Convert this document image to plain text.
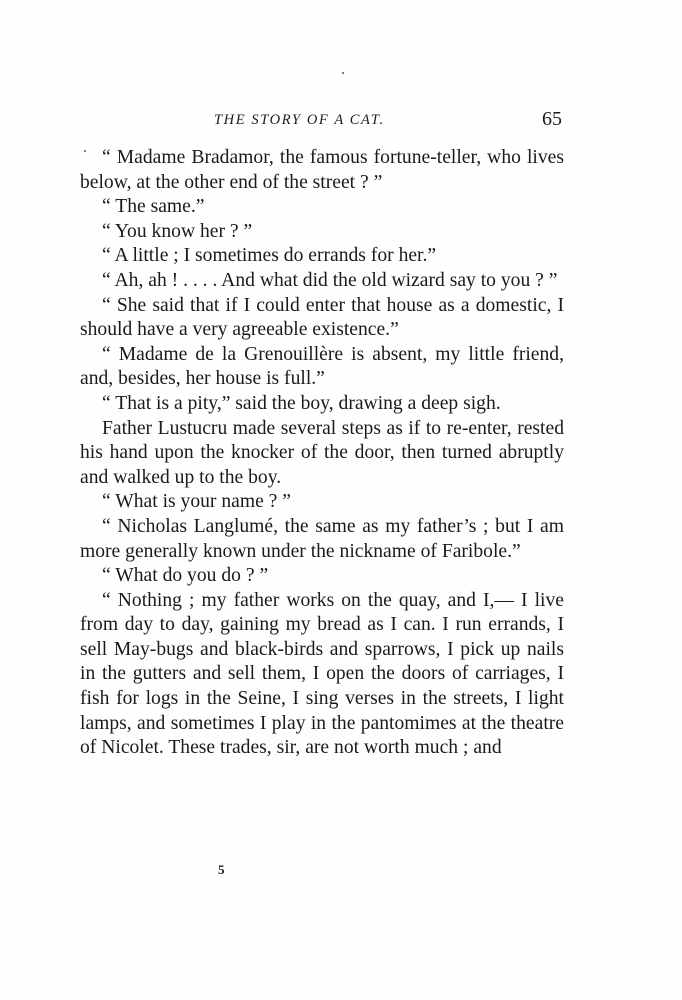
THE STORY OF A CAT.	65

“ Madame Bradamor, the famous fortune-teller, who lives below, at the other end of the street ? ”

“ The same.”

“ You know her ? ”

“ A little ; I sometimes do errands for her.”

“ Ah, ah ! . . . . And what did the old wizard say to you ? ”

“ She said that if I could enter that house as a domestic, I should have a very agreeable existence.”

“ Madame de la Grenouillère is absent, my little friend, and, besides, her house is full.”

“ That is a pity,” said the boy, drawing a deep sigh.

Father Lustucru made several steps as if to re-enter, rested his hand upon the knocker of the door, then turned abruptly and walked up to the boy.

“ What is your name ? ”

“ Nicholas Langlumé, the same as my father’s ; but I am more generally known under the nickname of Faribole.”

“ What do you do ? ”

“ Nothing ; my father works on the quay, and I,— I live from day to day, gaining my bread as I can. I run errands, I sell May-bugs and black-birds and sparrows, I pick up nails in the gutters and sell them, I open the doors of carriages, I fish for logs in the Seine, I sing verses in the streets, I light lamps, and sometimes I play in the pantomimes at the theatre of Nicolet. These trades, sir, are not worth much ; and

5
